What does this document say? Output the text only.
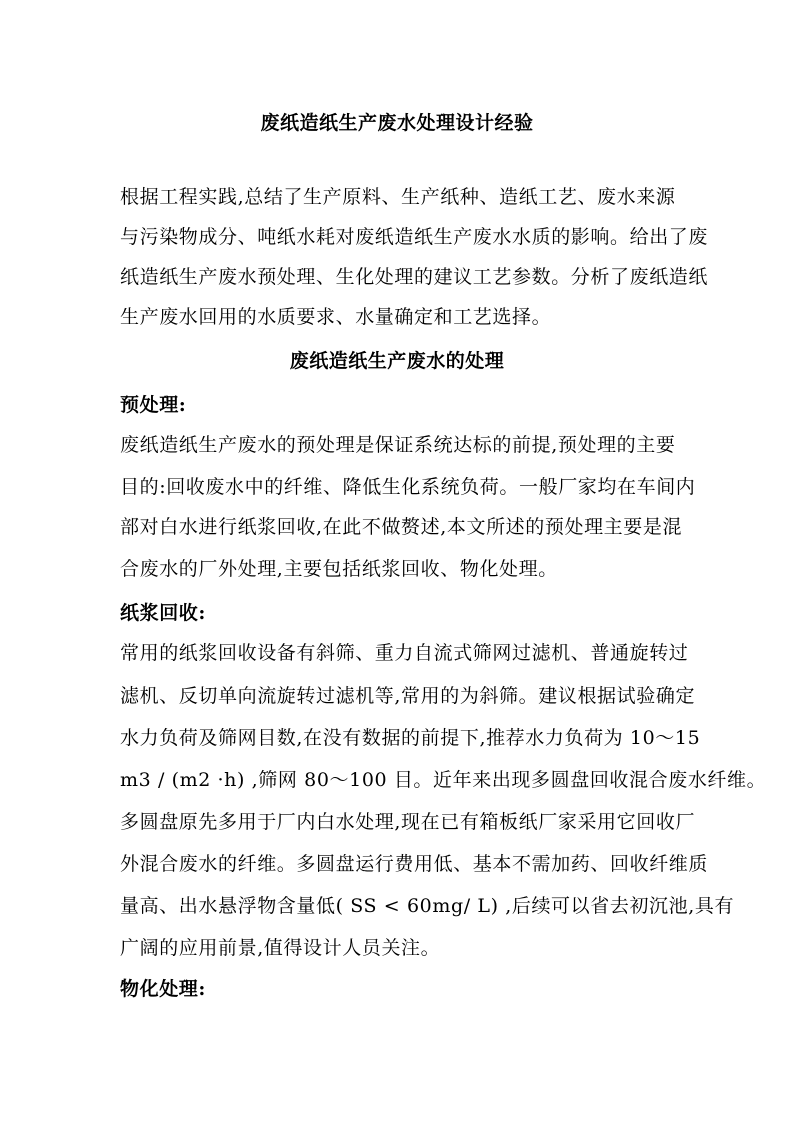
废纸造纸生产废水处理设计经验
根据工程实践,总结了生产原料、生产纸种、造纸工艺、废水来源
与污染物成分、吨纸水耗对废纸造纸生产废水水质的影响。给出了废
纸造纸生产废水预处理、生化处理的建议工艺参数。分析了废纸造纸
生产废水回用的水质要求、水量确定和工艺选择。
废纸造纸生产废水的处理
预处理:
废纸造纸生产废水的预处理是保证系统达标的前提,预处理的主要
目的:回收废水中的纤维、降低生化系统负荷。一般厂家均在车间内
部对白水进行纸浆回收,在此不做赘述,本文所述的预处理主要是混
合废水的厂外处理,主要包括纸浆回收、物化处理。
纸浆回收:
常用的纸浆回收设备有斜筛、重力自流式筛网过滤机、普通旋转过
滤机、反切单向流旋转过滤机等,常用的为斜筛。建议根据试验确定
水力负荷及筛网目数,在没有数据的前提下,推荐水力负荷为 10～15
m3 / (m2 ·h) ,筛网 80～100 目。近年来出现多圆盘回收混合废水纤维。
多圆盘原先多用于厂内白水处理,现在已有箱板纸厂家采用它回收厂
外混合废水的纤维。多圆盘运行费用低、基本不需加药、回收纤维质
量高、出水悬浮物含量低( SS < 60mg/ L) ,后续可以省去初沉池,具有
广阔的应用前景,值得设计人员关注。
物化处理:
